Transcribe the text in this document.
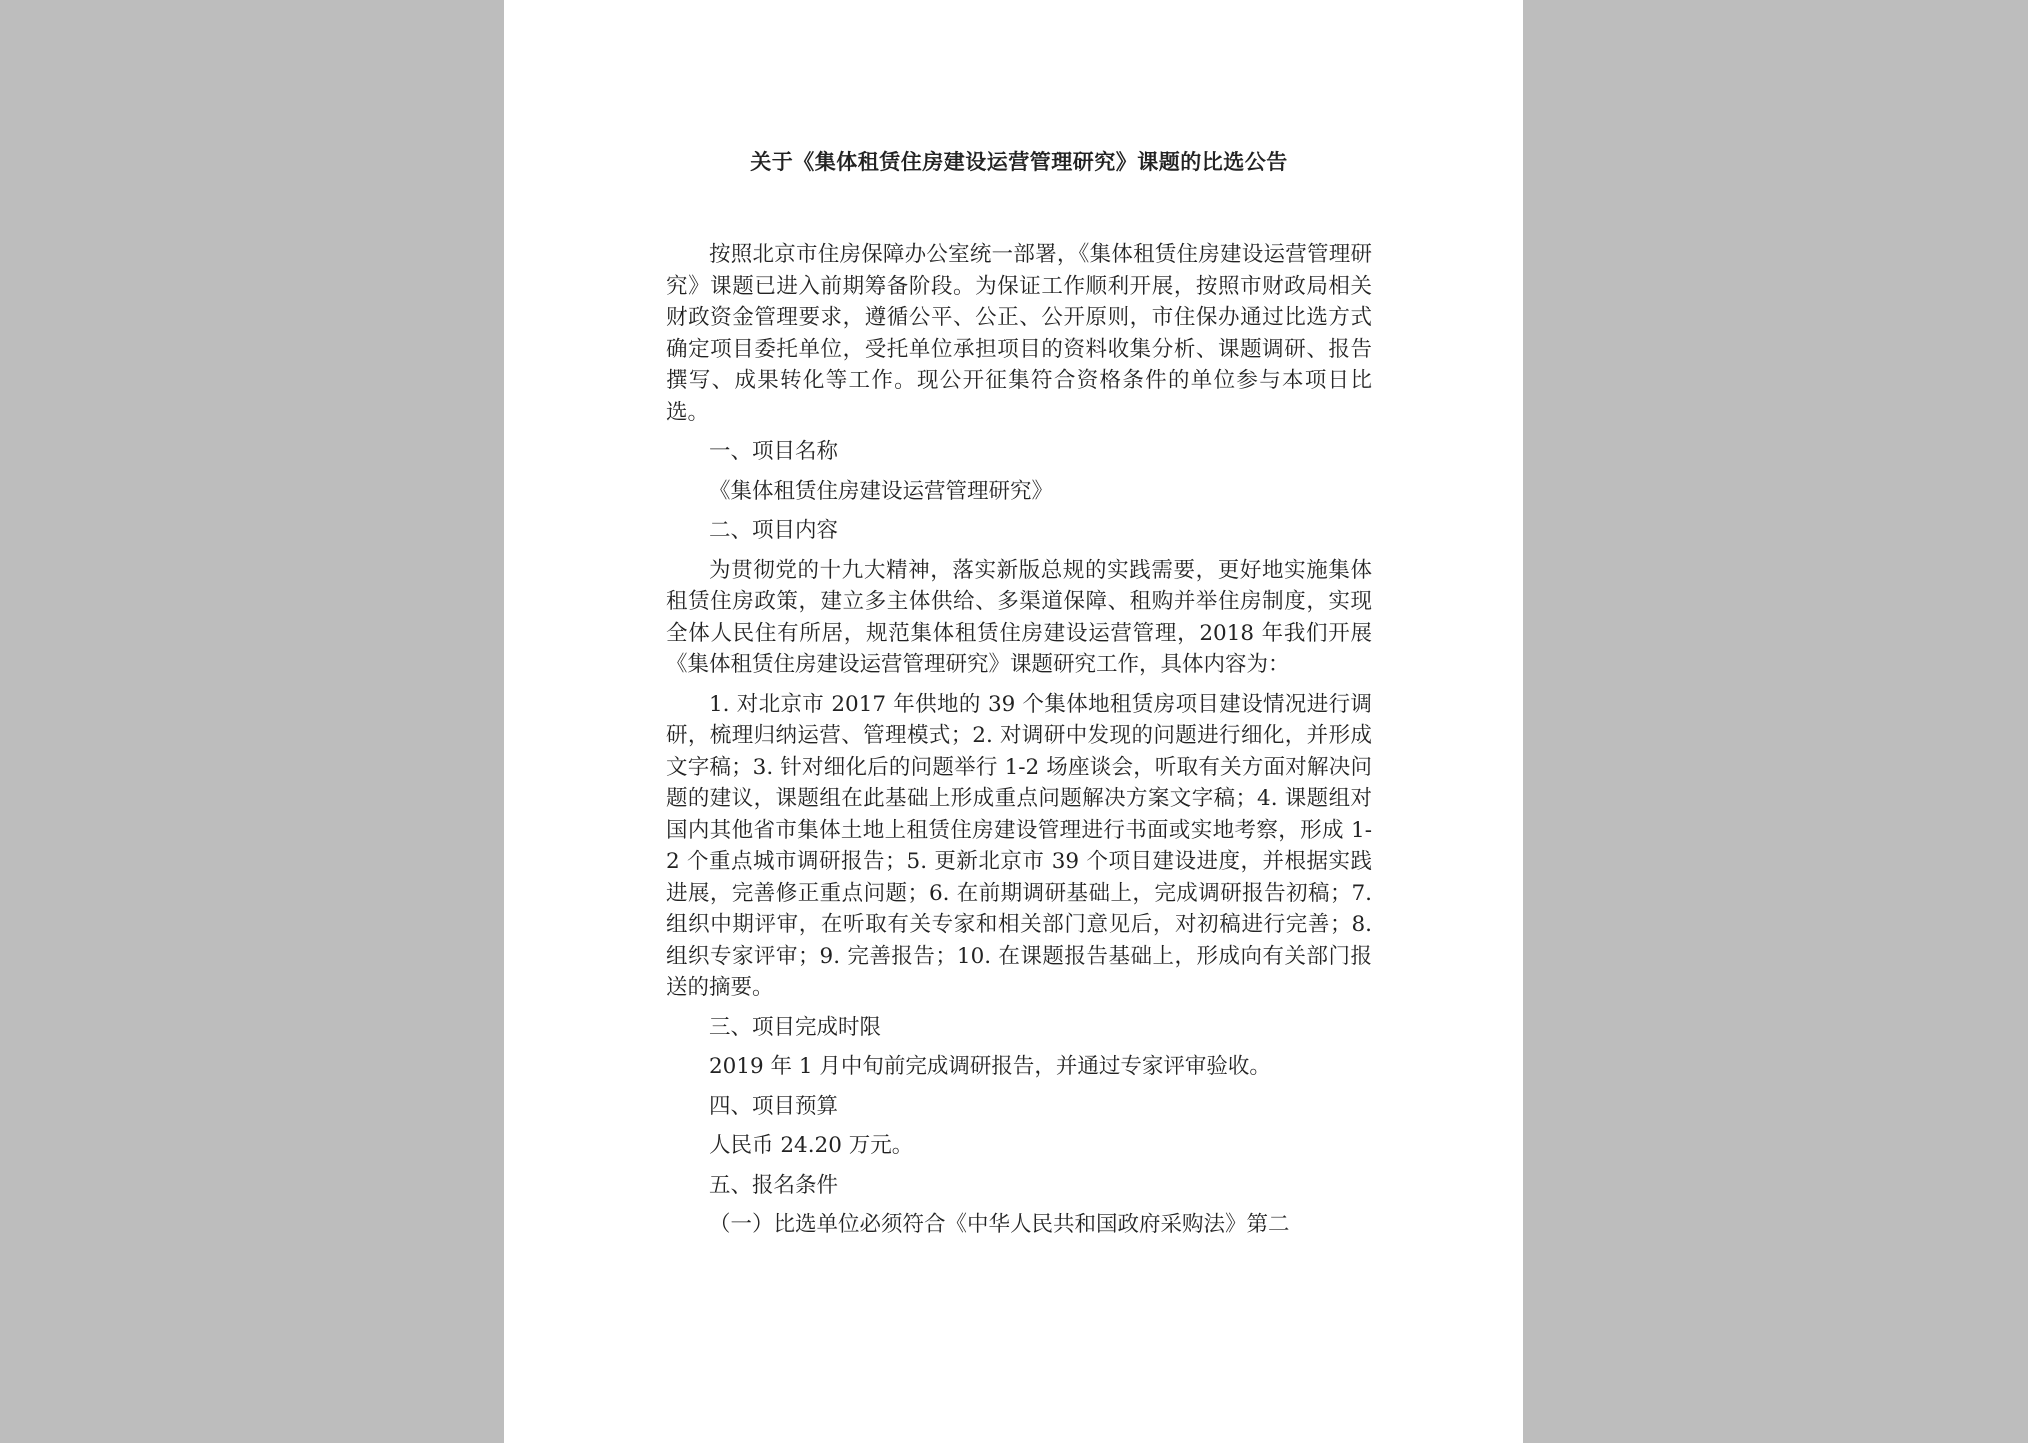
关于《集体租赁住房建设运营管理研究》课题的比选公告

按照北京市住房保障办公室统一部署，《集体租赁住房建设运营管理研究》课题已进入前期筹备阶段。为保证工作顺利开展，按照市财政局相关财政资金管理要求，遵循公平、公正、公开原则，市住保办通过比选方式确定项目委托单位，受托单位承担项目的资料收集分析、课题调研、报告撰写、成果转化等工作。现公开征集符合资格条件的单位参与本项日比选。

一、项目名称

《集体租赁住房建设运营管理研究》

二、项目内容

为贯彻党的十九大精神，落实新版总规的实践需要，更好地实施集体租赁住房政策，建立多主体供给、多渠道保障、租购并举住房制度，实现全体人民住有所居，规范集体租赁住房建设运营管理，2018 年我们开展《集体租赁住房建设运营管理研究》课题研究工作，具体内容为：

1. 对北京市 2017 年供地的 39 个集体地租赁房项目建设情况进行调研，梳理归纳运营、管理模式；2. 对调研中发现的问题进行细化，并形成文字稿；3. 针对细化后的问题举行 1-2 场座谈会，听取有关方面对解决问题的建议，课题组在此基础上形成重点问题解决方案文字稿；4. 课题组对国内其他省市集体土地上租赁住房建设管理进行书面或实地考察，形成 1-2 个重点城市调研报告；5. 更新北京市 39 个项目建设进度，并根据实践进展，完善修正重点问题；6. 在前期调研基础上，完成调研报告初稿；7. 组织中期评审，在听取有关专家和相关部门意见后，对初稿进行完善；8. 组织专家评审；9. 完善报告；10. 在课题报告基础上，形成向有关部门报送的摘要。

三、项目完成时限

2019 年 1 月中旬前完成调研报告，并通过专家评审验收。

四、项目预算

人民币 24.20 万元。

五、报名条件

（一）比选单位必须符合《中华人民共和国政府采购法》第二
